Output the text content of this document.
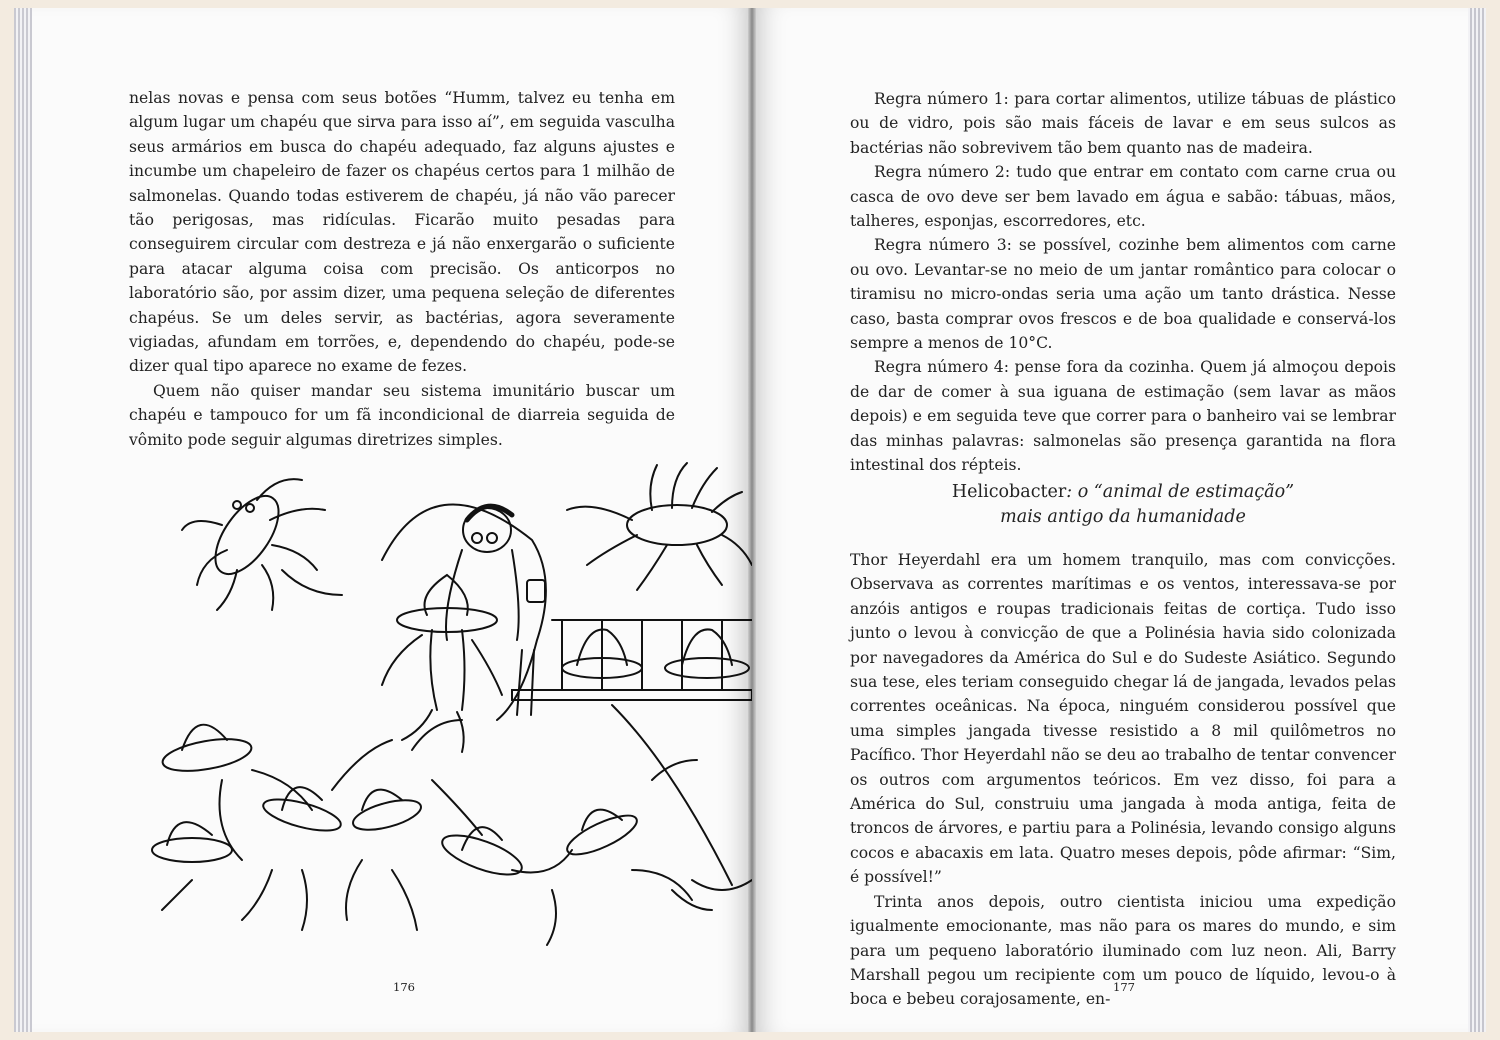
nelas novas e pensa com seus botões “Humm, talvez eu tenha em algum lugar um chapéu que sirva para isso aí”, em seguida vasculha seus armários em busca do chapéu adequado, faz alguns ajustes e incumbe um chapeleiro de fazer os chapéus certos para 1 milhão de salmonelas. Quando todas estiverem de chapéu, já não vão parecer tão perigosas, mas ridículas. Ficarão muito pesadas para conseguirem circular com destreza e já não enxergarão o suficiente para atacar alguma coisa com precisão. Os anticorpos no laboratório são, por assim dizer, uma pequena seleção de diferentes chapéus. Se um deles servir, as bactérias, agora severamente vigiadas, afundam em torrões, e, dependendo do chapéu, pode-se dizer qual tipo aparece no exame de fezes.

Quem não quiser mandar seu sistema imunitário buscar um chapéu e tampouco for um fã incondicional de diarreia seguida de vômito pode seguir algumas diretrizes simples.

176

Regra número 1: para cortar alimentos, utilize tábuas de plástico ou de vidro, pois são mais fáceis de lavar e em seus sulcos as bactérias não sobrevivem tão bem quanto nas de madeira.

Regra número 2: tudo que entrar em contato com carne crua ou casca de ovo deve ser bem lavado em água e sabão: tábuas, mãos, talheres, esponjas, escorredores, etc.

Regra número 3: se possível, cozinhe bem alimentos com carne ou ovo. Levantar-se no meio de um jantar romântico para colocar o tiramisu no micro-ondas seria uma ação um tanto drástica. Nesse caso, basta comprar ovos frescos e de boa qualidade e conservá-los sempre a menos de 10°C.

Regra número 4: pense fora da cozinha. Quem já almoçou depois de dar de comer à sua iguana de estimação (sem lavar as mãos depois) e em seguida teve que correr para o banheiro vai se lembrar das minhas palavras: salmonelas são presença garantida na flora intestinal dos répteis.

Helicobacter: o “animal de estimação”
mais antigo da humanidade

Thor Heyerdahl era um homem tranquilo, mas com convicções. Observava as correntes marítimas e os ventos, interessava-se por anzóis antigos e roupas tradicionais feitas de cortiça. Tudo isso junto o levou à convicção de que a Polinésia havia sido colonizada por navegadores da América do Sul e do Sudeste Asiático. Segundo sua tese, eles teriam conseguido chegar lá de jangada, levados pelas correntes oceânicas. Na época, ninguém considerou possível que uma simples jangada tivesse resistido a 8 mil quilômetros no Pacífico. Thor Heyerdahl não se deu ao trabalho de tentar convencer os outros com argumentos teóricos. Em vez disso, foi para a América do Sul, construiu uma jangada à moda antiga, feita de troncos de árvores, e partiu para a Polinésia, levando consigo alguns cocos e abacaxis em lata. Quatro meses depois, pôde afirmar: “Sim, é possível!”

Trinta anos depois, outro cientista iniciou uma expedição igualmente emocionante, mas não para os mares do mundo, e sim para um pequeno laboratório iluminado com luz neon. Ali, Barry Marshall pegou um recipiente com um pouco de líquido, levou-o à boca e bebeu corajosamente, en-

177
